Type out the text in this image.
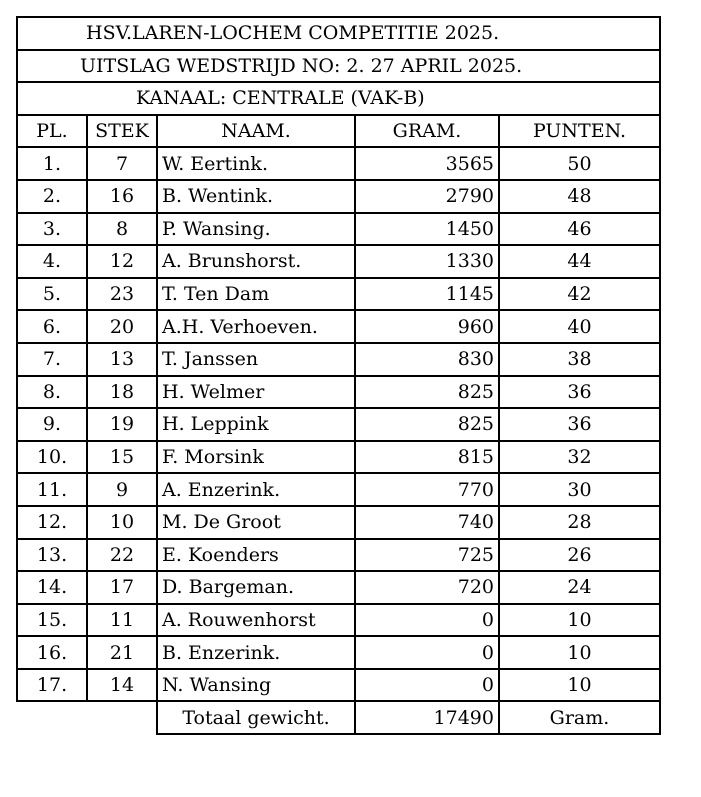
HSV.LAREN-LOCHEM COMPETITIE 2025.				
UITSLAG WEDSTRIJD NO: 2. 27 APRIL 2025.				
KANAAL: CENTRALE (VAK-B)				
PL.	STEK	NAAM.	GRAM.	PUNTEN.
1.	7	W. Eertink.	3565	50
2.	16	B. Wentink.	2790	48
3.	8	P. Wansing.	1450	46
4.	12	A. Brunshorst.	1330	44
5.	23	T. Ten Dam	1145	42
6.	20	A.H. Verhoeven.	960	40
7.	13	T. Janssen	830	38
8.	18	H. Welmer	825	36
9.	19	H. Leppink	825	36
10.	15	F. Morsink	815	32
11.	9	A. Enzerink.	770	30
12.	10	M. De Groot	740	28
13.	22	E. Koenders	725	26
14.	17	D. Bargeman.	720	24
15.	11	A. Rouwenhorst	0	10
16.	21	B. Enzerink.	0	10
17.	14	N. Wansing	0	10
		Totaal gewicht.	17490	Gram.
